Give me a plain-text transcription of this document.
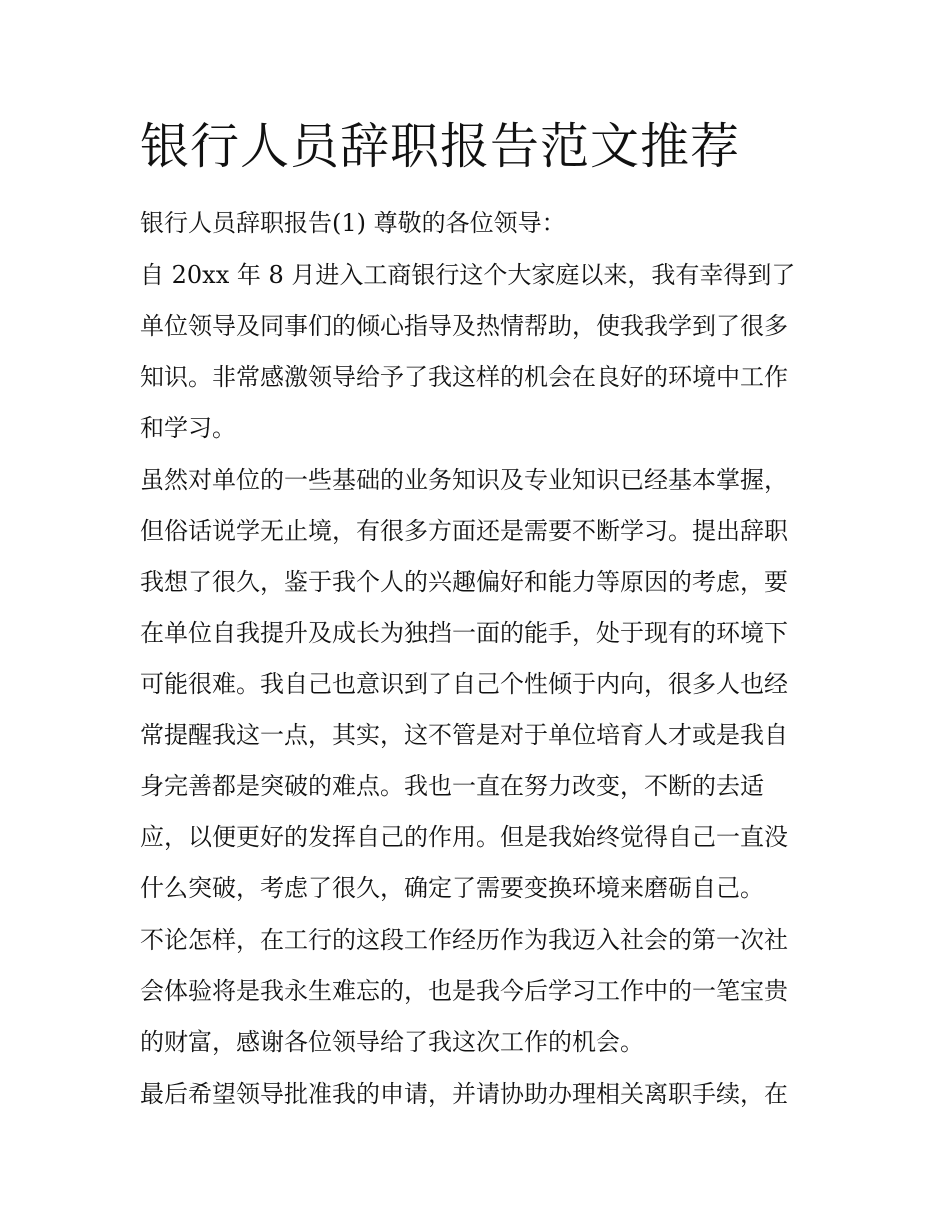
银行人员辞职报告范文推荐

银行人员辞职报告(1) 尊敬的各位领导：

自 20xx 年 8 月进入工商银行这个大家庭以来，我有幸得到了
单位领导及同事们的倾心指导及热情帮助，使我我学到了很多
知识。非常感激领导给予了我这样的机会在良好的环境中工作
和学习。

虽然对单位的一些基础的业务知识及专业知识已经基本掌握，
但俗话说学无止境，有很多方面还是需要不断学习。提出辞职
我想了很久，鉴于我个人的兴趣偏好和能力等原因的考虑，要
在单位自我提升及成长为独挡一面的能手，处于现有的环境下
可能很难。我自己也意识到了自己个性倾于内向，很多人也经
常提醒我这一点，其实，这不管是对于单位培育人才或是我自
身完善都是突破的难点。我也一直在努力改变，不断的去适
应，以便更好的发挥自己的作用。但是我始终觉得自己一直没
什么突破，考虑了很久，确定了需要变换环境来磨砺自己。

不论怎样，在工行的这段工作经历作为我迈入社会的第一次社
会体验将是我永生难忘的，也是我今后学习工作中的一笔宝贵
的财富，感谢各位领导给了我这次工作的机会。

最后希望领导批准我的申请，并请协助办理相关离职手续，在
